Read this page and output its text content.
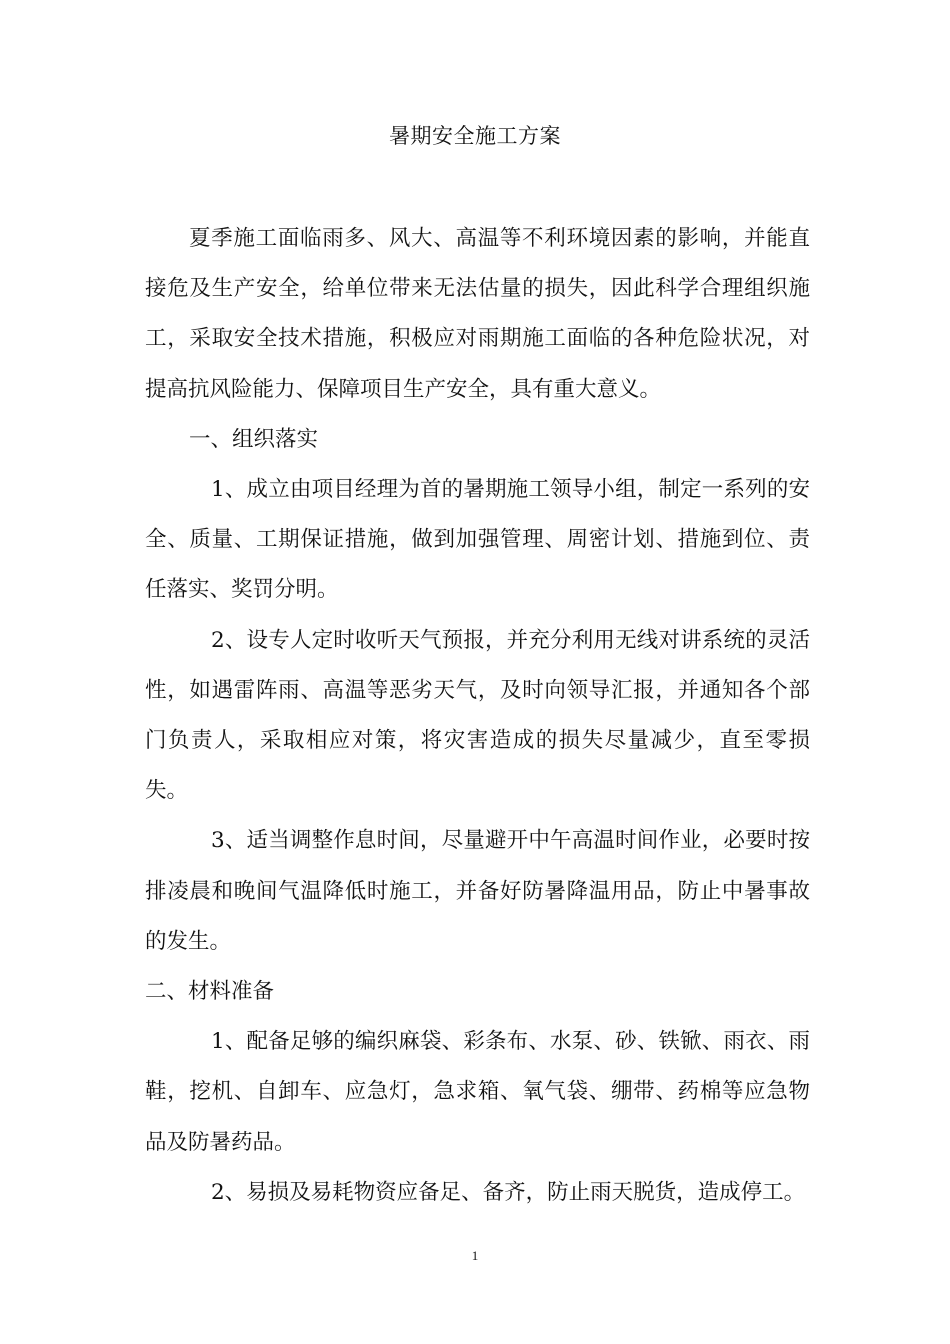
暑期安全施工方案

夏季施工面临雨多、风大、高温等不利环境因素的影响，并能直接危及生产安全，给单位带来无法估量的损失，因此科学合理组织施工，采取安全技术措施，积极应对雨期施工面临的各种危险状况，对提高抗风险能力、保障项目生产安全，具有重大意义。

一、组织落实

1、成立由项目经理为首的暑期施工领导小组，制定一系列的安全、质量、工期保证措施，做到加强管理、周密计划、措施到位、责任落实、奖罚分明。

2、设专人定时收听天气预报，并充分利用无线对讲系统的灵活性，如遇雷阵雨、高温等恶劣天气，及时向领导汇报，并通知各个部门负责人，采取相应对策，将灾害造成的损失尽量减少，直至零损失。

3、适当调整作息时间，尽量避开中午高温时间作业，必要时按排凌晨和晚间气温降低时施工，并备好防暑降温用品，防止中暑事故的发生。

二、材料准备

1、配备足够的编织麻袋、彩条布、水泵、砂、铁锨、雨衣、雨鞋，挖机、自卸车、应急灯，急求箱、氧气袋、绷带、药棉等应急物品及防暑药品。

2、易损及易耗物资应备足、备齐，防止雨天脱货，造成停工。

1
